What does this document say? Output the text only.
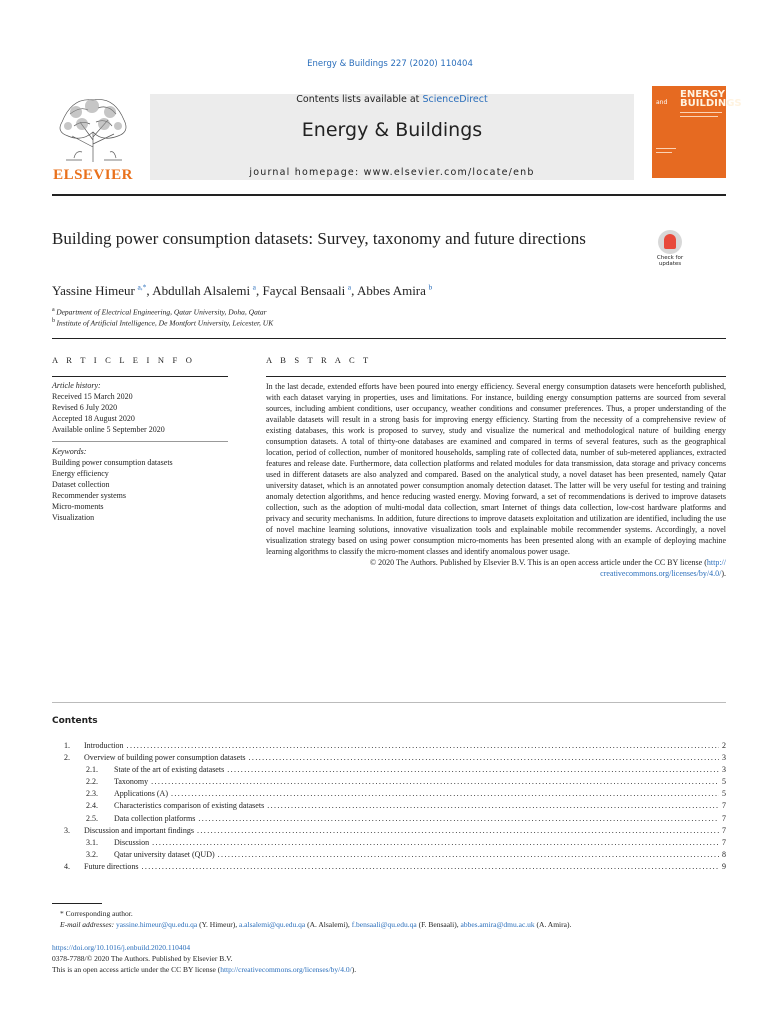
Energy & Buildings 227 (2020) 110404
ELSEVIER
Contents lists available at ScienceDirect
Energy & Buildings
journal homepage: www.elsevier.com/locate/enb
ENERGY
BUILDINGS
and
Building power consumption datasets: Survey, taxonomy and future directions
Check for
updates
Yassine Himeur  $^{a,*}$, Abdullah Alsalemi  $^a$, Faycal Bensaali  $^a$, Abbes Amira  $^b$
$^a$  Department of Electrical Engineering, Qatar University, Doha, Qatar
$^b$  Institute of Artificial Intelligence, De Montfort University, Leicester, UK
A R T I C L E I N F O	A B S T R A C T
Article history:
Received 15 March 2020
Revised 6 July 2020
Accepted 18 August 2020
Available online 5 September 2020
Keywords:
Building power consumption datasets
Energy efficiency
Dataset collection
Recommender systems
Micro-moments
Visualization
In the last decade, extended efforts have been poured into energy efficiency. Several energy consumption datasets were henceforth published, with each dataset varying in properties, uses and limitations. For instance, building energy consumption patterns are sourced from several sources, including ambient conditions, user occupancy, weather conditions and consumer preferences. Thus, a proper understanding of the available datasets will result in a strong basis for improving energy efficiency. Starting from the necessity of a comprehensive review of existing databases, this work is proposed to survey, study and visualize the numerical and methodological nature of building energy consumption datasets. A total of thirty-one databases are examined and compared in terms of several features, such as the geographical location, period of collection, number of monitored households, sampling rate of collected data, number of sub-metered appliances, extracted features and release date. Furthermore, data collection platforms and related modules for data transmission, data storage and privacy concerns used in different datasets are also analyzed and compared. Based on the analytical study, a novel dataset has been presented, namely Qatar university dataset, which is an annotated power consumption anomaly detection dataset. The latter will be very useful for testing and training anomaly detection algorithms, and hence reducing wasted energy. Moving forward, a set of recommendations is derived to improve datasets collection, such as the adoption of multi-modal data collection, smart Internet of things data collection, low-cost hardware platforms and privacy and security mechanisms. In addition, future directions to improve datasets exploitation and utilization are identified, including the use of novel machine learning solutions, innovative visualization tools and explainable mobile recommender systems. Accordingly, a novel visualization strategy based on using power consumption micro-moments has been presented along with an example of deploying machine learning algorithms to classify the micro-moment classes and identify anomalous power usage.
© 2020 The Authors. Published by Elsevier B.V. This is an open access article under the CC BY license (http://
creativecommons.org/licenses/by/4.0/).
Contents
1. Introduction . . .	2
2. Overview of building power consumption datasets . . .	3
2.1. State of the art of existing datasets . . .	3
2.2. Taxonomy . . .	5
2.3. Applications (A) . . .	5
2.4. Characteristics comparison of existing datasets . . .	7
2.5. Data collection platforms . . .	7
3. Discussion and important findings . . .	7
3.1. Discussion . . .	7
3.2. Qatar university dataset (QUD) . . .	8
4. Future directions . . .	9
* Corresponding author.
E-mail addresses: yassine.himeur@qu.edu.qa (Y. Himeur), a.alsalemi@qu.edu.qa (A. Alsalemi), f.bensaali@qu.edu.qa (F. Bensaali), abbes.amira@dmu.ac.uk (A. Amira).
https://doi.org/10.1016/j.enbuild.2020.110404
0378-7788/© 2020 The Authors. Published by Elsevier B.V.
This is an open access article under the CC BY license (http://creativecommons.org/licenses/by/4.0/).
